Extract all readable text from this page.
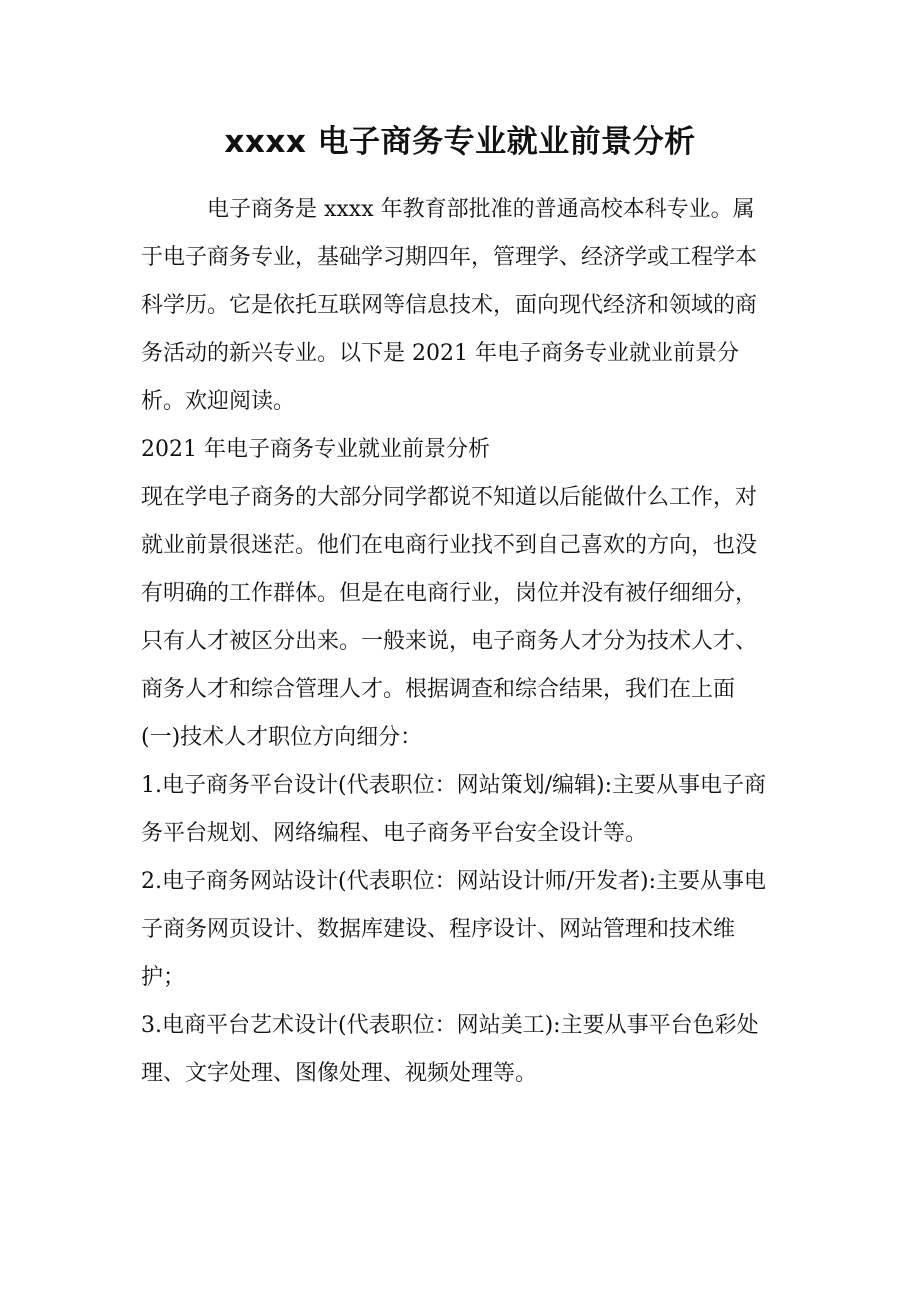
xxxx 电子商务专业就业前景分析

电子商务是 xxxx 年教育部批准的普通高校本科专业。属于电子商务专业，基础学习期四年，管理学、经济学或工程学本科学历。它是依托互联网等信息技术，面向现代经济和领域的商务活动的新兴专业。以下是 2021 年电子商务专业就业前景分析。欢迎阅读。

2021 年电子商务专业就业前景分析

现在学电子商务的大部分同学都说不知道以后能做什么工作，对就业前景很迷茫。他们在电商行业找不到自己喜欢的方向，也没有明确的工作群体。但是在电商行业，岗位并没有被仔细细分，只有人才被区分出来。一般来说，电子商务人才分为技术人才、商务人才和综合管理人才。根据调查和综合结果，我们在上面

(一)技术人才职位方向细分：

1.电子商务平台设计(代表职位：网站策划/编辑):主要从事电子商务平台规划、网络编程、电子商务平台安全设计等。

2.电子商务网站设计(代表职位：网站设计师/开发者):主要从事电子商务网页设计、数据库建设、程序设计、网站管理和技术维护；

3.电商平台艺术设计(代表职位：网站美工):主要从事平台色彩处理、文字处理、图像处理、视频处理等。
